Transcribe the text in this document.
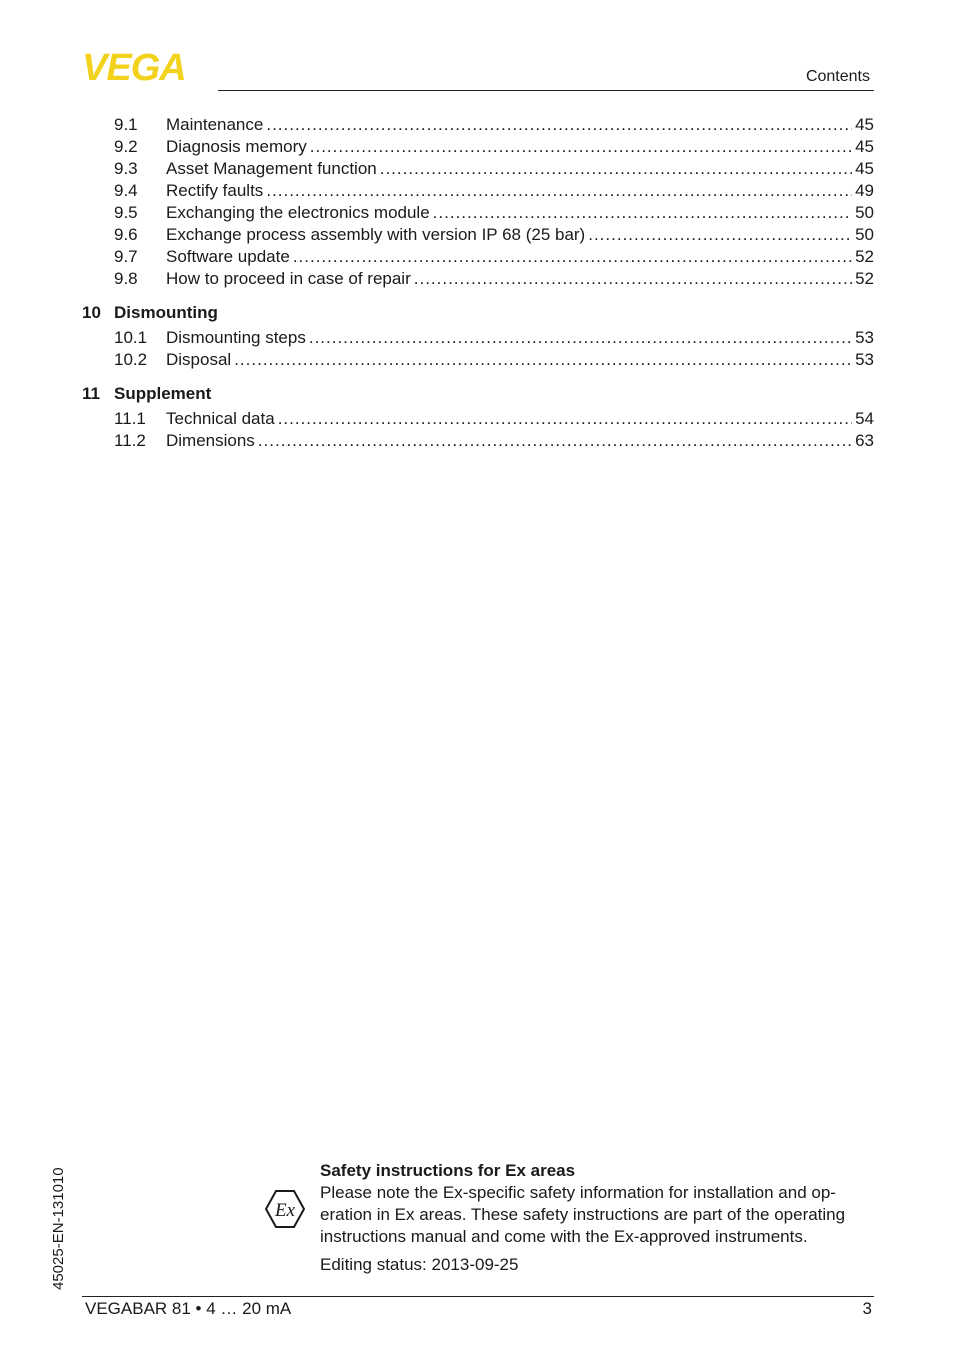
VEGA	Contents
9.1	Maintenance .....	45
9.2	Diagnosis memory .....	45
9.3	Asset Management function .....	45
9.4	Rectify faults .....	49
9.5	Exchanging the electronics module .....	50
9.6	Exchange process assembly with version IP 68 (25 bar) .....	50
9.7	Software update .....	52
9.8	How to proceed in case of repair .....	52
10 Dismounting
10.1	Dismounting steps .....	53
10.2	Disposal .....	53
11 Supplement
11.1	Technical data .....	54
11.2	Dimensions .....	63
45025-EN-131010	Ex
Safety instructions for Ex areas
Please note the Ex-specific safety information for installation and op-
eration in Ex areas. These safety instructions are part of the operating
instructions manual and come with the Ex-approved instruments.
Editing status: 2013-09-25
VEGABAR 81 • 4 … 20 mA	3
